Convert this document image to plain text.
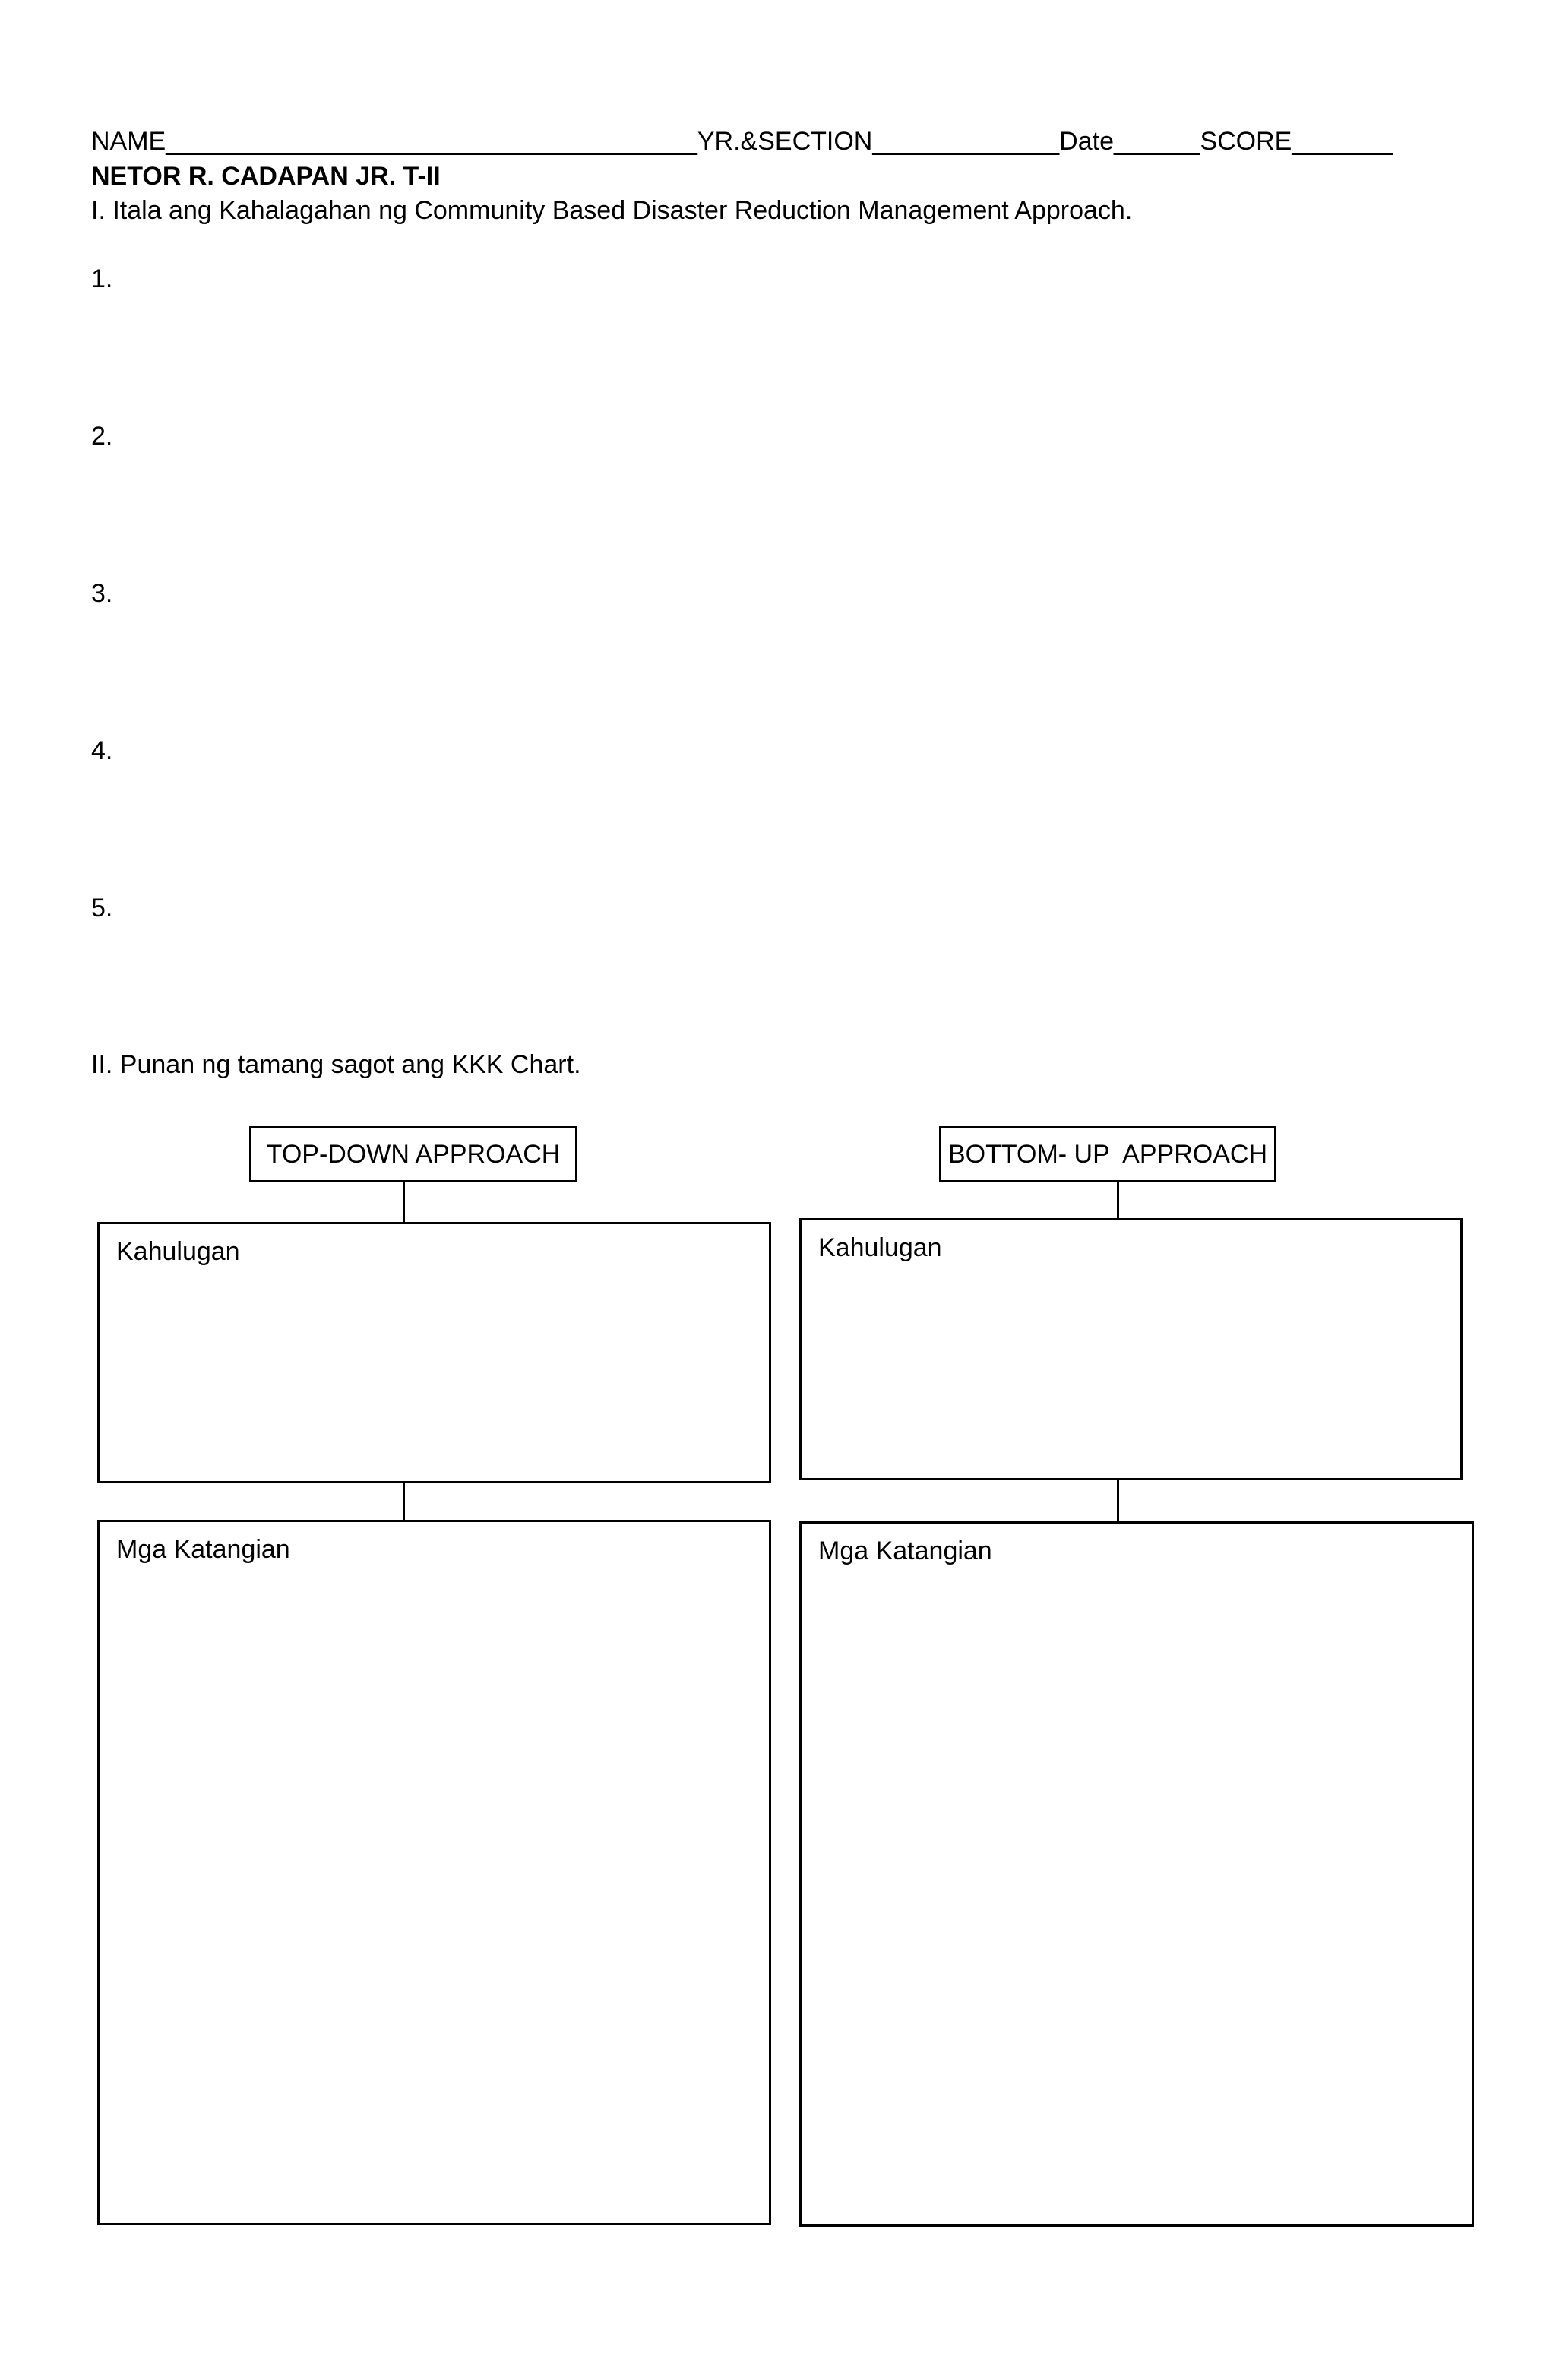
NAME_____________________________________YR.&SECTION_____________Date______SCORE_______
NETOR R. CADAPAN JR. T-II
I. Itala ang Kahalagahan ng Community Based Disaster Reduction Management Approach.
1.
2.
3.
4.
5.
II. Punan ng tamang sagot ang KKK Chart.
TOP-DOWN APPROACH
Kahulugan
Mga Katangian
BOTTOM- UP  APPROACH
Kahulugan
Mga Katangian
